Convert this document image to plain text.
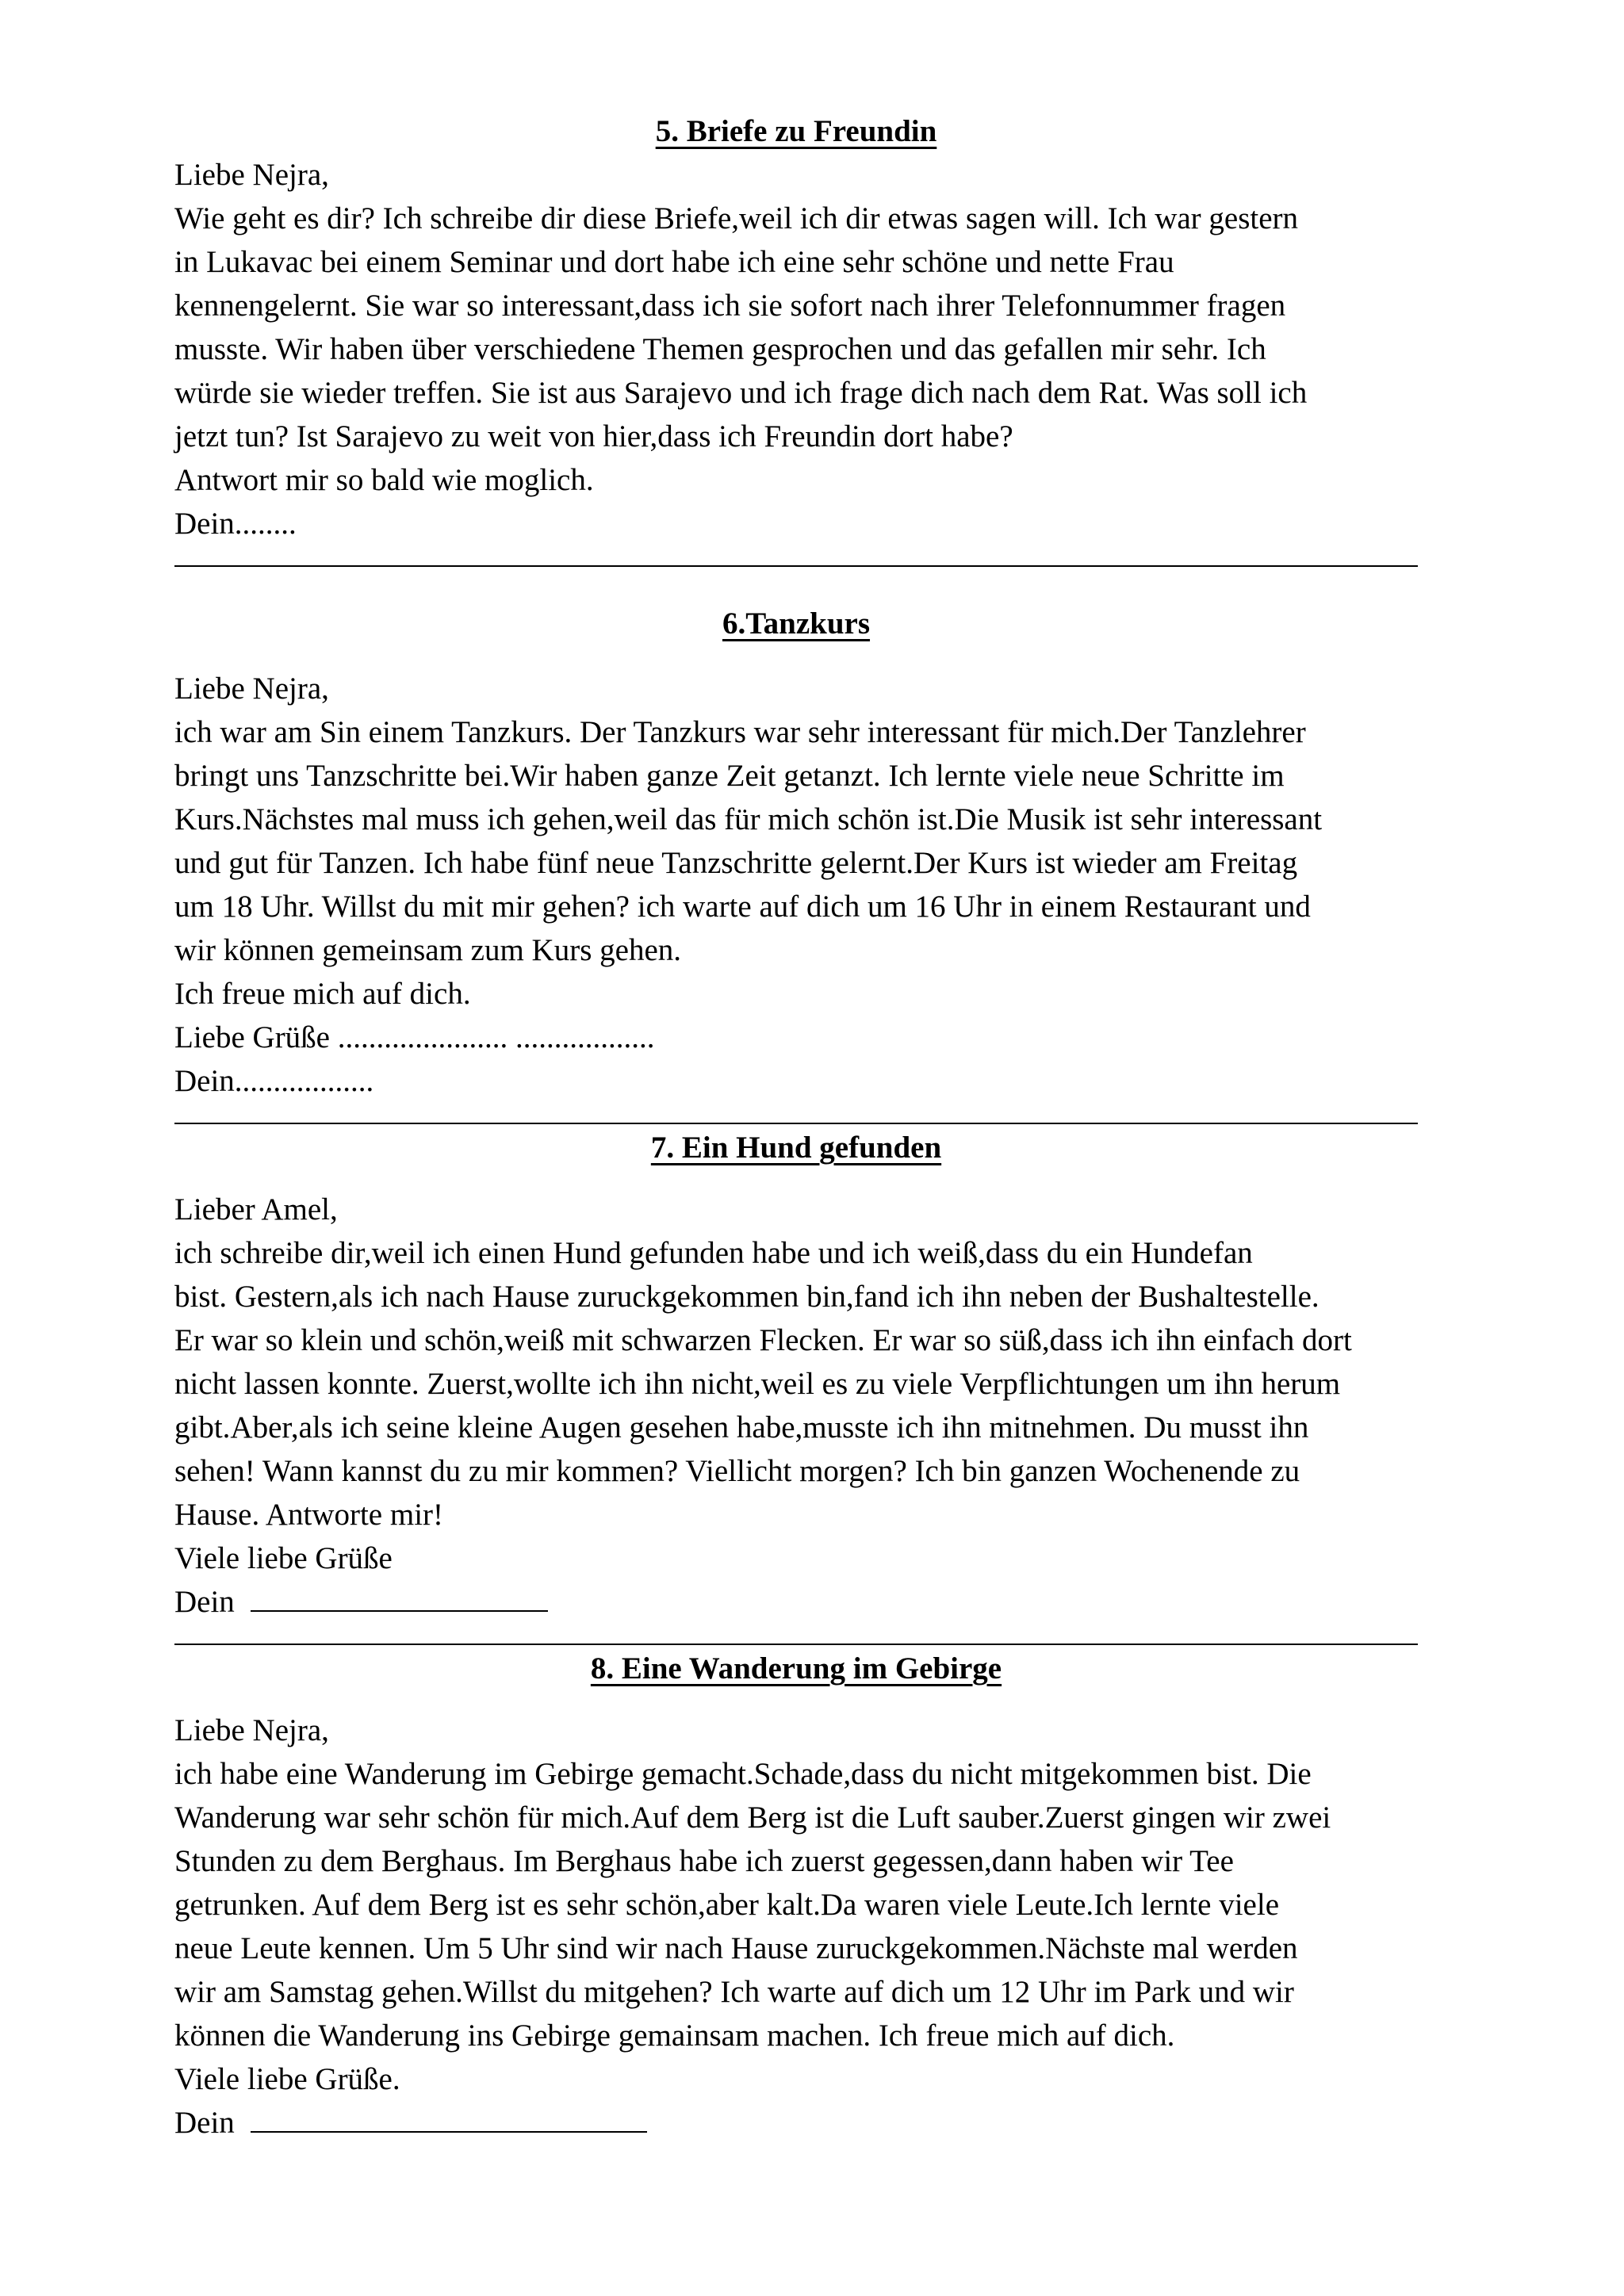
5. Briefe zu Freundin
Liebe Nejra,
Wie geht es dir? Ich schreibe dir diese Briefe,weil ich dir etwas sagen will. Ich war gestern
in Lukavac bei einem Seminar und dort habe ich eine sehr schöne und nette Frau
kennengelernt. Sie war so interessant,dass ich sie sofort nach ihrer Telefonnummer fragen
musste. Wir haben über verschiedene Themen gesprochen und das gefallen mir sehr. Ich
würde sie wieder treffen. Sie ist aus Sarajevo und ich frage dich nach dem Rat. Was soll ich
jetzt tun? Ist Sarajevo zu weit von hier,dass ich Freundin dort habe?
Antwort mir so bald wie moglich.
Dein........
6.Tanzkurs
Liebe Nejra,
ich war am Sin einem Tanzkurs. Der Tanzkurs war sehr interessant für mich.Der Tanzlehrer
bringt uns Tanzschritte bei.Wir haben ganze Zeit getanzt. Ich lernte viele neue Schritte im
Kurs.Nächstes mal muss ich gehen,weil das für mich schön ist.Die Musik ist sehr interessant
und gut für Tanzen. Ich habe fünf neue Tanzschritte gelernt.Der Kurs ist wieder am Freitag
um 18 Uhr. Willst du mit mir gehen? ich warte auf dich um 16 Uhr in einem Restaurant und
wir können gemeinsam zum Kurs gehen.
Ich freue mich auf dich.
Liebe Grüße ...................... ..................
Dein..................
7. Ein Hund gefunden
Lieber Amel,
ich schreibe dir,weil ich einen Hund gefunden habe und ich weiß,dass du ein Hundefan
bist. Gestern,als ich nach Hause zuruckgekommen bin,fand ich ihn neben der Bushaltestelle.
Er war so klein und schön,weiß mit schwarzen Flecken. Er war so süß,dass ich ihn einfach dort
nicht lassen konnte. Zuerst,wollte ich ihn nicht,weil es zu viele Verpflichtungen um ihn herum
gibt.Aber,als ich seine kleine Augen gesehen habe,musste ich ihn mitnehmen. Du musst ihn
sehen! Wann kannst du zu mir kommen? Viellicht morgen? Ich bin ganzen Wochenende zu
Hause. Antworte mir!
Viele liebe Grüße
Dein
8. Eine Wanderung im Gebirge
Liebe Nejra,
ich habe eine Wanderung im Gebirge gemacht.Schade,dass du nicht mitgekommen bist. Die
Wanderung war sehr schön für mich.Auf dem Berg ist die Luft sauber.Zuerst gingen wir zwei
Stunden zu dem Berghaus. Im Berghaus habe ich zuerst gegessen,dann haben wir Tee
getrunken. Auf dem Berg ist es sehr schön,aber kalt.Da waren viele Leute.Ich lernte viele
neue Leute kennen. Um 5 Uhr sind wir nach Hause zuruckgekommen.Nächste mal werden
wir am Samstag gehen.Willst du mitgehen? Ich warte auf dich um 12 Uhr im Park und wir
können die Wanderung ins Gebirge gemainsam machen. Ich freue mich auf dich.
Viele liebe Grüße.
Dein
